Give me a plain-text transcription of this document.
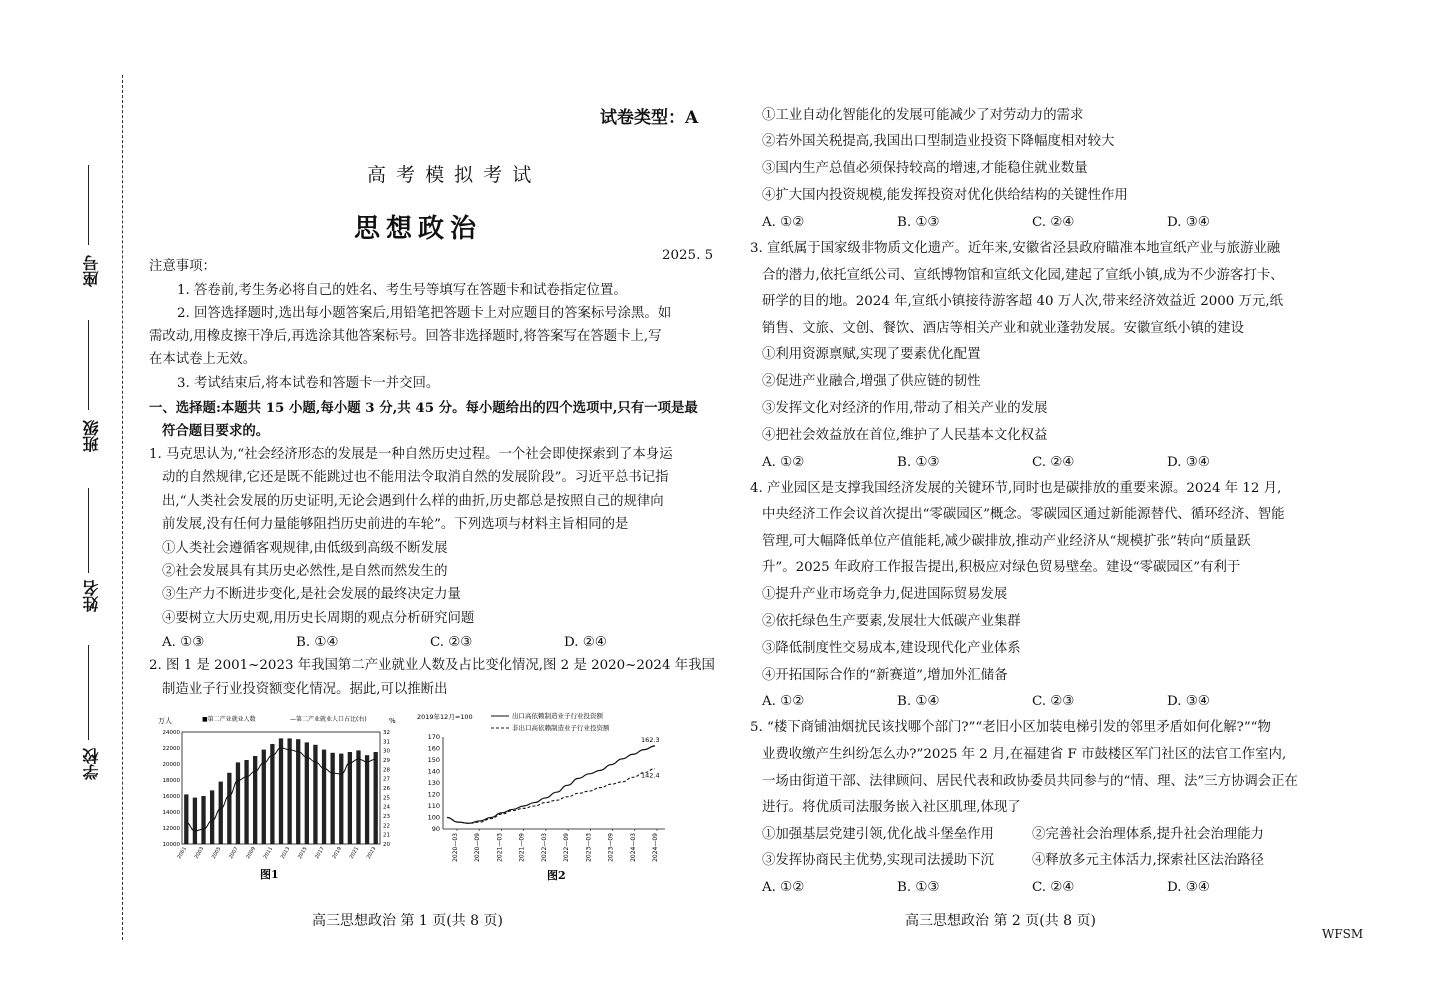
座号
班级
姓名
学校
试卷类型：A
高 考 模 拟 考 试
思想政治
2025. 5
注意事项：
1. 答卷前,考生务必将自己的姓名、考生号等填写在答题卡和试卷指定位置。
2. 回答选择题时,选出每小题答案后,用铅笔把答题卡上对应题目的答案标号涂黑。如
需改动,用橡皮擦干净后,再选涂其他答案标号。回答非选择题时,将答案写在答题卡上,写
在本试卷上无效。
3. 考试结束后,将本试卷和答题卡一并交回。
一、选择题:本题共 15 小题,每小题 3 分,共 45 分。每小题给出的四个选项中,只有一项是最
符合题目要求的。
1. 马克思认为,“社会经济形态的发展是一种自然历史过程。一个社会即使探索到了本身运
动的自然规律,它还是既不能跳过也不能用法令取消自然的发展阶段”。习近平总书记指
出,“人类社会发展的历史证明,无论会遇到什么样的曲折,历史都总是按照自己的规律向
前发展,没有任何力量能够阻挡历史前进的车轮”。下列选项与材料主旨相同的是
①人类社会遵循客观规律,由低级到高级不断发展
②社会发展具有其历史必然性,是自然而然发生的
③生产力不断进步变化,是社会发展的最终决定力量
④要树立大历史观,用历史长周期的观点分析研究问题
A. ①③	B. ①④	C. ②③	D. ②④
2. 图 1 是 2001~2023 年我国第二产业就业人数及占比变化情况,图 2 是 2020~2024 年我国
制造业子行业投资额变化情况。据此,可以推断出
万人	%
■第二产业就业人数	—第二产业就业人口占比(右)
24000
22000
20000
18000
16000
14000
12000
10000
32
31
30
29
28
27
26
25
24
23
22
21
20
2001 2003 2005 2007 2009 2011 2013 2015 2017 2019 2021 2023
图1
2019年12月=100	出口高依赖制造业子行业投资额
非出口高依赖制造业子行业投资额
170
160
150
140
130
120
110
100
90
162.3
142.4
2020—03	2020—09	2021—03	2021—09	2022—03	2022—09	2023—03	2023—09	2024—03	2024—09
图2
高三思想政治 第 1 页(共 8 页)
①工业自动化智能化的发展可能减少了对劳动力的需求
②若外国关税提高,我国出口型制造业投资下降幅度相对较大
③国内生产总值必须保持较高的增速,才能稳住就业数量
④扩大国内投资规模,能发挥投资对优化供给结构的关键性作用
A. ①②	B. ①③	C. ②④	D. ③④
3. 宣纸属于国家级非物质文化遗产。近年来,安徽省泾县政府瞄准本地宣纸产业与旅游业融
合的潜力,依托宣纸公司、宣纸博物馆和宣纸文化园,建起了宣纸小镇,成为不少游客打卡、
研学的目的地。2024 年,宣纸小镇接待游客超 40 万人次,带来经济效益近 2000 万元,纸
销售、文旅、文创、餐饮、酒店等相关产业和就业蓬勃发展。安徽宣纸小镇的建设
①利用资源禀赋,实现了要素优化配置
②促进产业融合,增强了供应链的韧性
③发挥文化对经济的作用,带动了相关产业的发展
④把社会效益放在首位,维护了人民基本文化权益
A. ①②	B. ①③	C. ②④	D. ③④
4. 产业园区是支撑我国经济发展的关键环节,同时也是碳排放的重要来源。2024 年 12 月,
中央经济工作会议首次提出“零碳园区”概念。零碳园区通过新能源替代、循环经济、智能
管理,可大幅降低单位产值能耗,减少碳排放,推动产业经济从“规模扩张”转向“质量跃
升”。2025 年政府工作报告提出,积极应对绿色贸易壁垒。建设“零碳园区”有利于
①提升产业市场竞争力,促进国际贸易发展
②依托绿色生产要素,发展壮大低碳产业集群
③降低制度性交易成本,建设现代化产业体系
④开拓国际合作的“新赛道”,增加外汇储备
A. ①②	B. ①④	C. ②③	D. ③④
5. “楼下商铺油烟扰民该找哪个部门?”“老旧小区加装电梯引发的邻里矛盾如何化解?”“物
业费收缴产生纠纷怎么办?”2025 年 2 月,在福建省 F 市鼓楼区军门社区的法官工作室内,
一场由街道干部、法律顾问、居民代表和政协委员共同参与的“情、理、法”三方协调会正在
进行。将优质司法服务嵌入社区肌理,体现了
①加强基层党建引领,优化战斗堡垒作用	②完善社会治理体系,提升社会治理能力
③发挥协商民主优势,实现司法援助下沉	④释放多元主体活力,探索社区法治路径
A. ①②	B. ①③	C. ②④	D. ③④
高三思想政治 第 2 页(共 8 页)
WFSM
